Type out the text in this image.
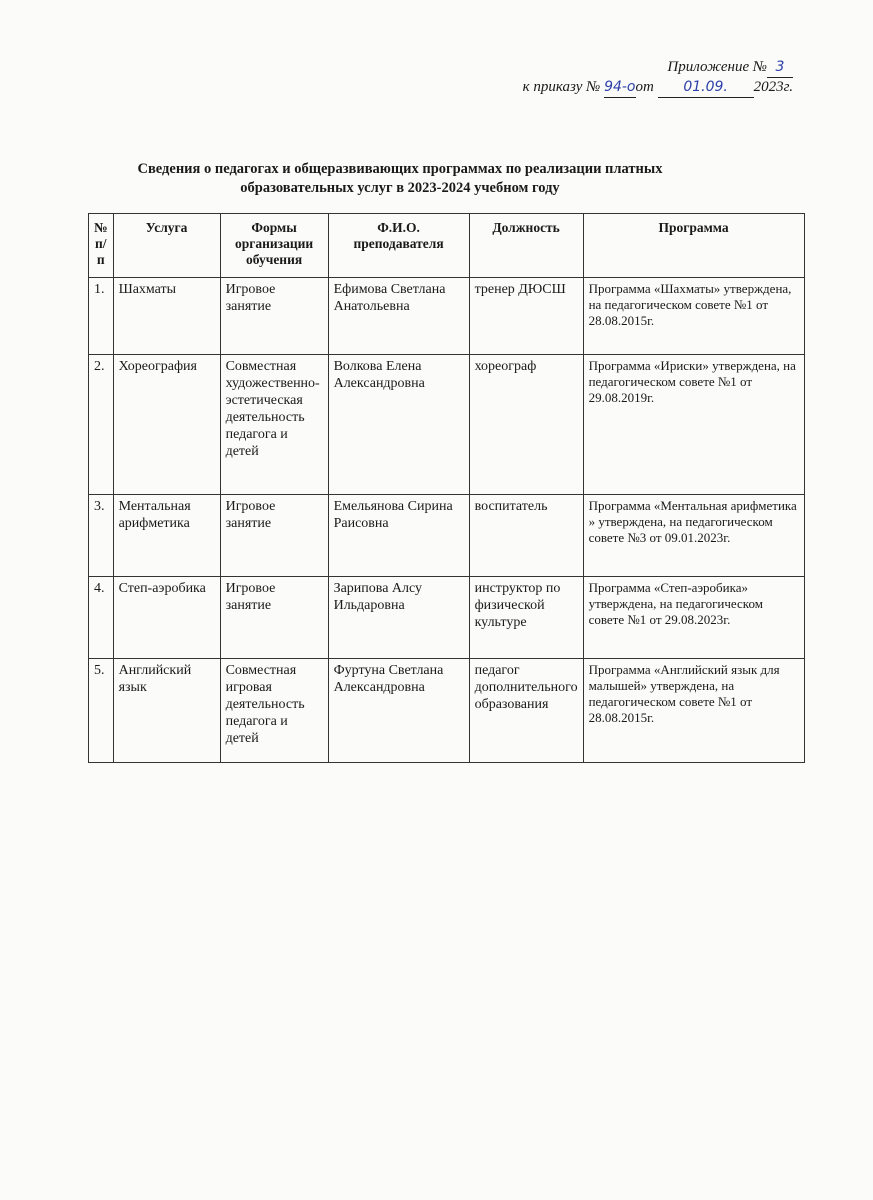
Приложение № 3
к приказу № 94-оот 01.09. 2023г.
Сведения о педагогах и общеразвивающих программах по реализации платных
образовательных услуг в 2023-2024 учебном году
№ п/п	Услуга	Формы организации обучения	Ф.И.О. преподавателя	Должность	Программа
1.	Шахматы	Игровое занятие	Ефимова Светлана Анатольевна	тренер ДЮСШ	Программа «Шахматы» утверждена, на педагогическом совете №1 от 28.08.2015г.
2.	Хореография	Совместная художественно-эстетическая деятельность педагога и детей	Волкова Елена Александровна	хореограф	Программа «Ириски» утверждена, на педагогическом совете №1 от 29.08.2019г.
3.	Ментальная арифметика	Игровое занятие	Емельянова Сирина Раисовна	воспитатель	Программа «Ментальная арифметика » утверждена, на педагогическом совете №3 от 09.01.2023г.
4.	Степ-аэробика	Игровое занятие	Зарипова Алсу Ильдаровна	инструктор по физической культуре	Программа «Степ-аэробика» утверждена, на педагогическом совете №1 от 29.08.2023г.
5.	Английский язык	Совместная игровая деятельность педагога и детей	Фуртуна Светлана Александровна	педагог дополнительного образования	Программа «Английский язык для малышей» утверждена, на педагогическом совете №1 от 28.08.2015г.
